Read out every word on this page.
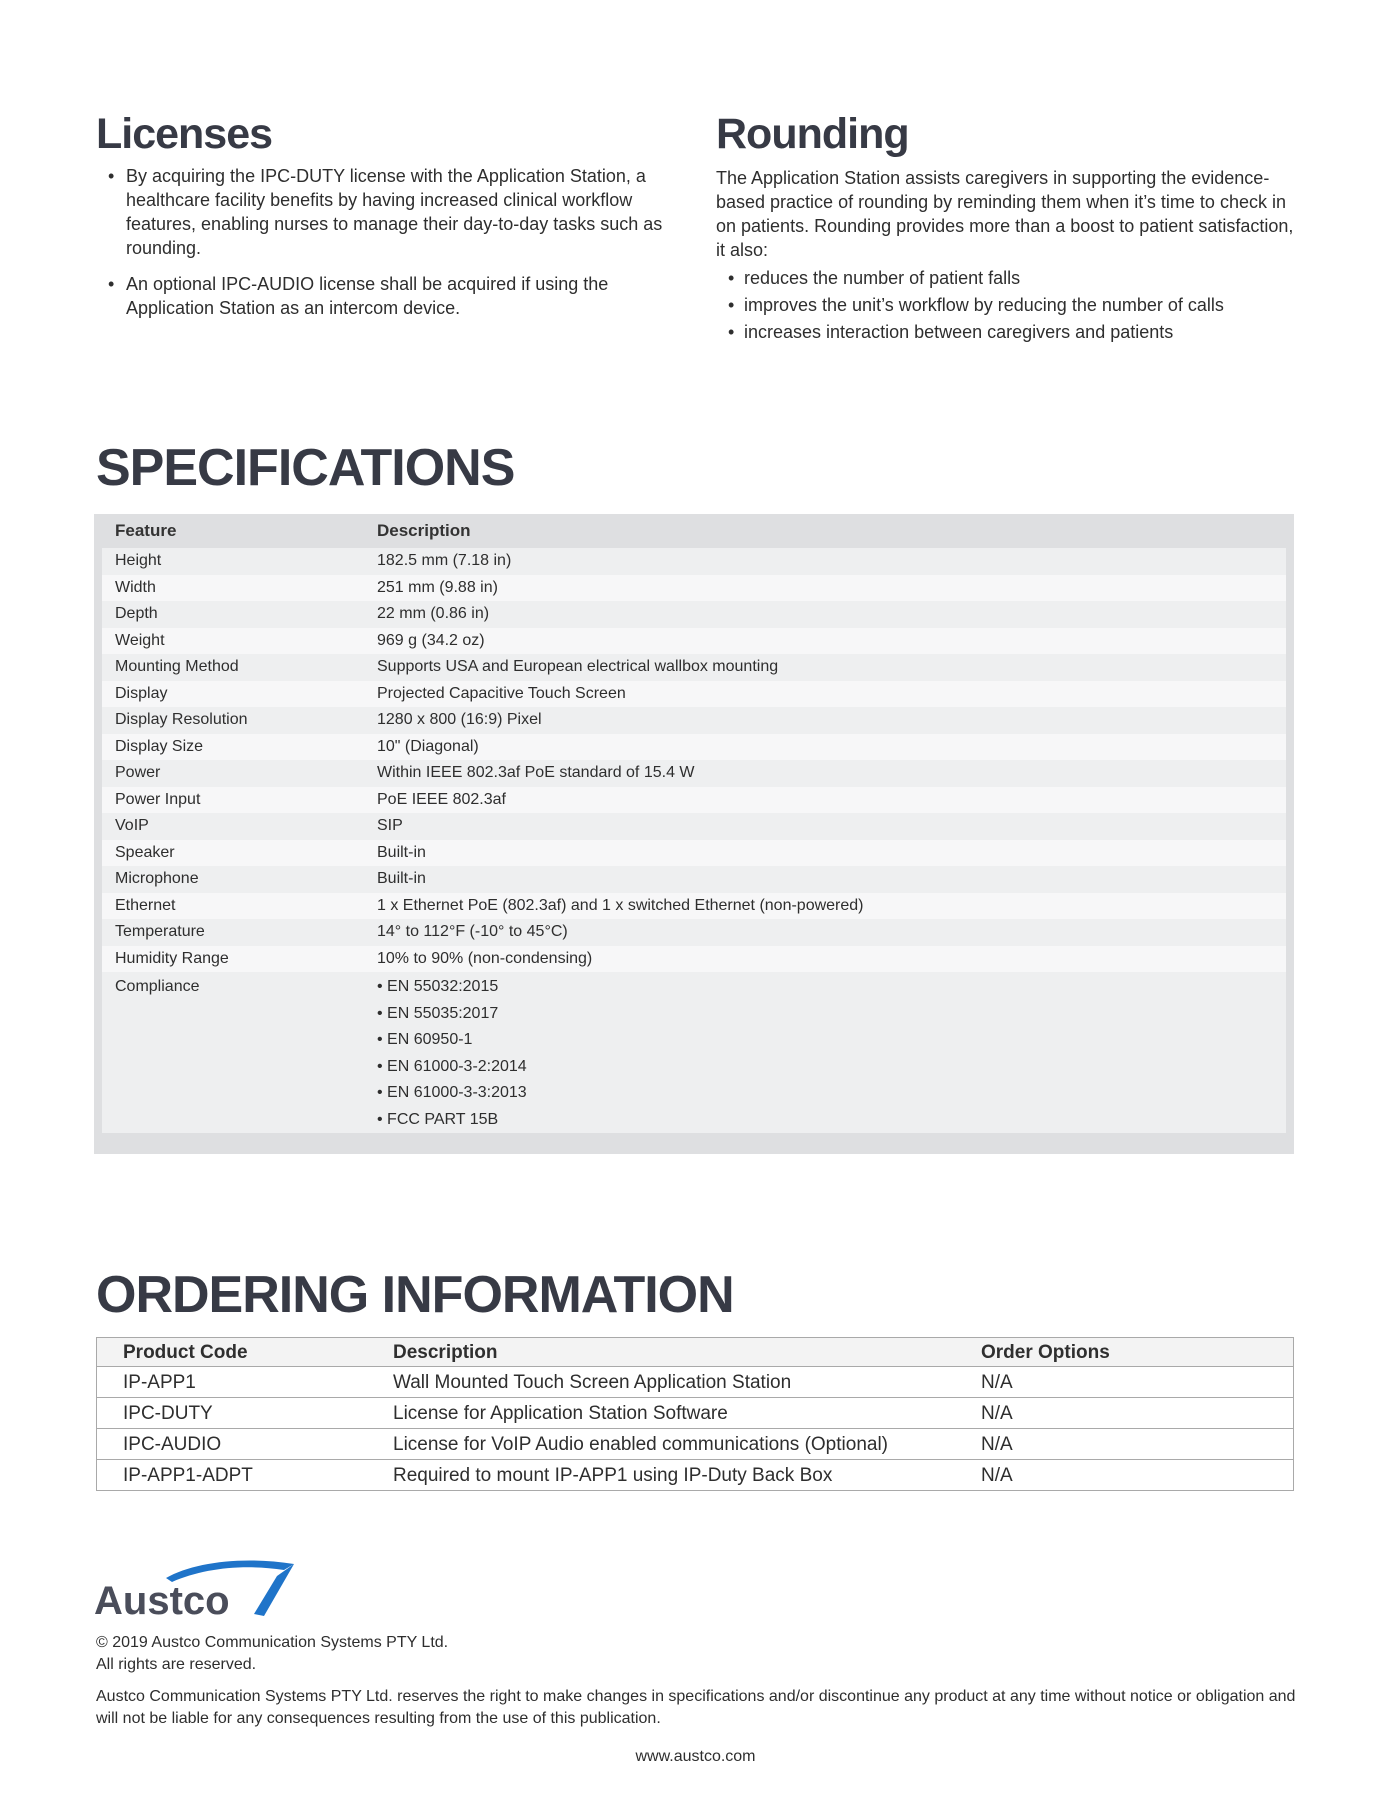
Licenses
• By acquiring the IPC-DUTY license with the Application Station, a healthcare facility benefits by having increased clinical workflow features, enabling nurses to manage their day-to-day tasks such as rounding.
• An optional IPC-AUDIO license shall be acquired if using the Application Station as an intercom device.
Rounding

The Application Station assists caregivers in supporting the evidence-based practice of rounding by reminding them when it’s time to check in on patients. Rounding provides more than a boost to patient satisfaction, it also:

• reduces the number of patient falls
• improves the unit’s workflow by reducing the number of calls
• increases interaction between caregivers and patients
SPECIFICATIONS
Feature	Description
Height	182.5 mm (7.18 in)
Width	251 mm (9.88 in)
Depth	22 mm (0.86 in)
Weight	969 g (34.2 oz)
Mounting Method	Supports USA and European electrical wallbox mounting
Display	Projected Capacitive Touch Screen
Display Resolution	1280 x 800 (16:9) Pixel
Display Size	10" (Diagonal)
Power	Within IEEE 802.3af PoE standard of 15.4 W
Power Input	PoE IEEE 802.3af
VoIP	SIP
Speaker	Built-in
Microphone	Built-in
Ethernet	1 x Ethernet PoE (802.3af) and 1 x switched Ethernet (non-powered)
Temperature	14° to 112°F (-10° to 45°C)
Humidity Range	10% to 90% (non-condensing)
Compliance	• EN 55032:2015
• EN 55035:2017
• EN 60950-1
• EN 61000-3-2:2014
• EN 61000-3-3:2013
• FCC PART 15B
ORDERING INFORMATION
Product Code	Description	Order Options
IP-APP1	Wall Mounted Touch Screen Application Station	N/A
IPC-DUTY	License for Application Station Software	N/A
IPC-AUDIO	License for VoIP Audio enabled communications (Optional)	N/A
IP-APP1-ADPT	Required to mount IP-APP1 using IP-Duty Back Box	N/A
Austco
© 2019 Austco Communication Systems PTY Ltd.
All rights are reserved.
Austco Communication Systems PTY Ltd. reserves the right to make changes in specifications and/or discontinue any product at any time without notice or obligation and will not be liable for any consequences resulting from the use of this publication.
www.austco.com
